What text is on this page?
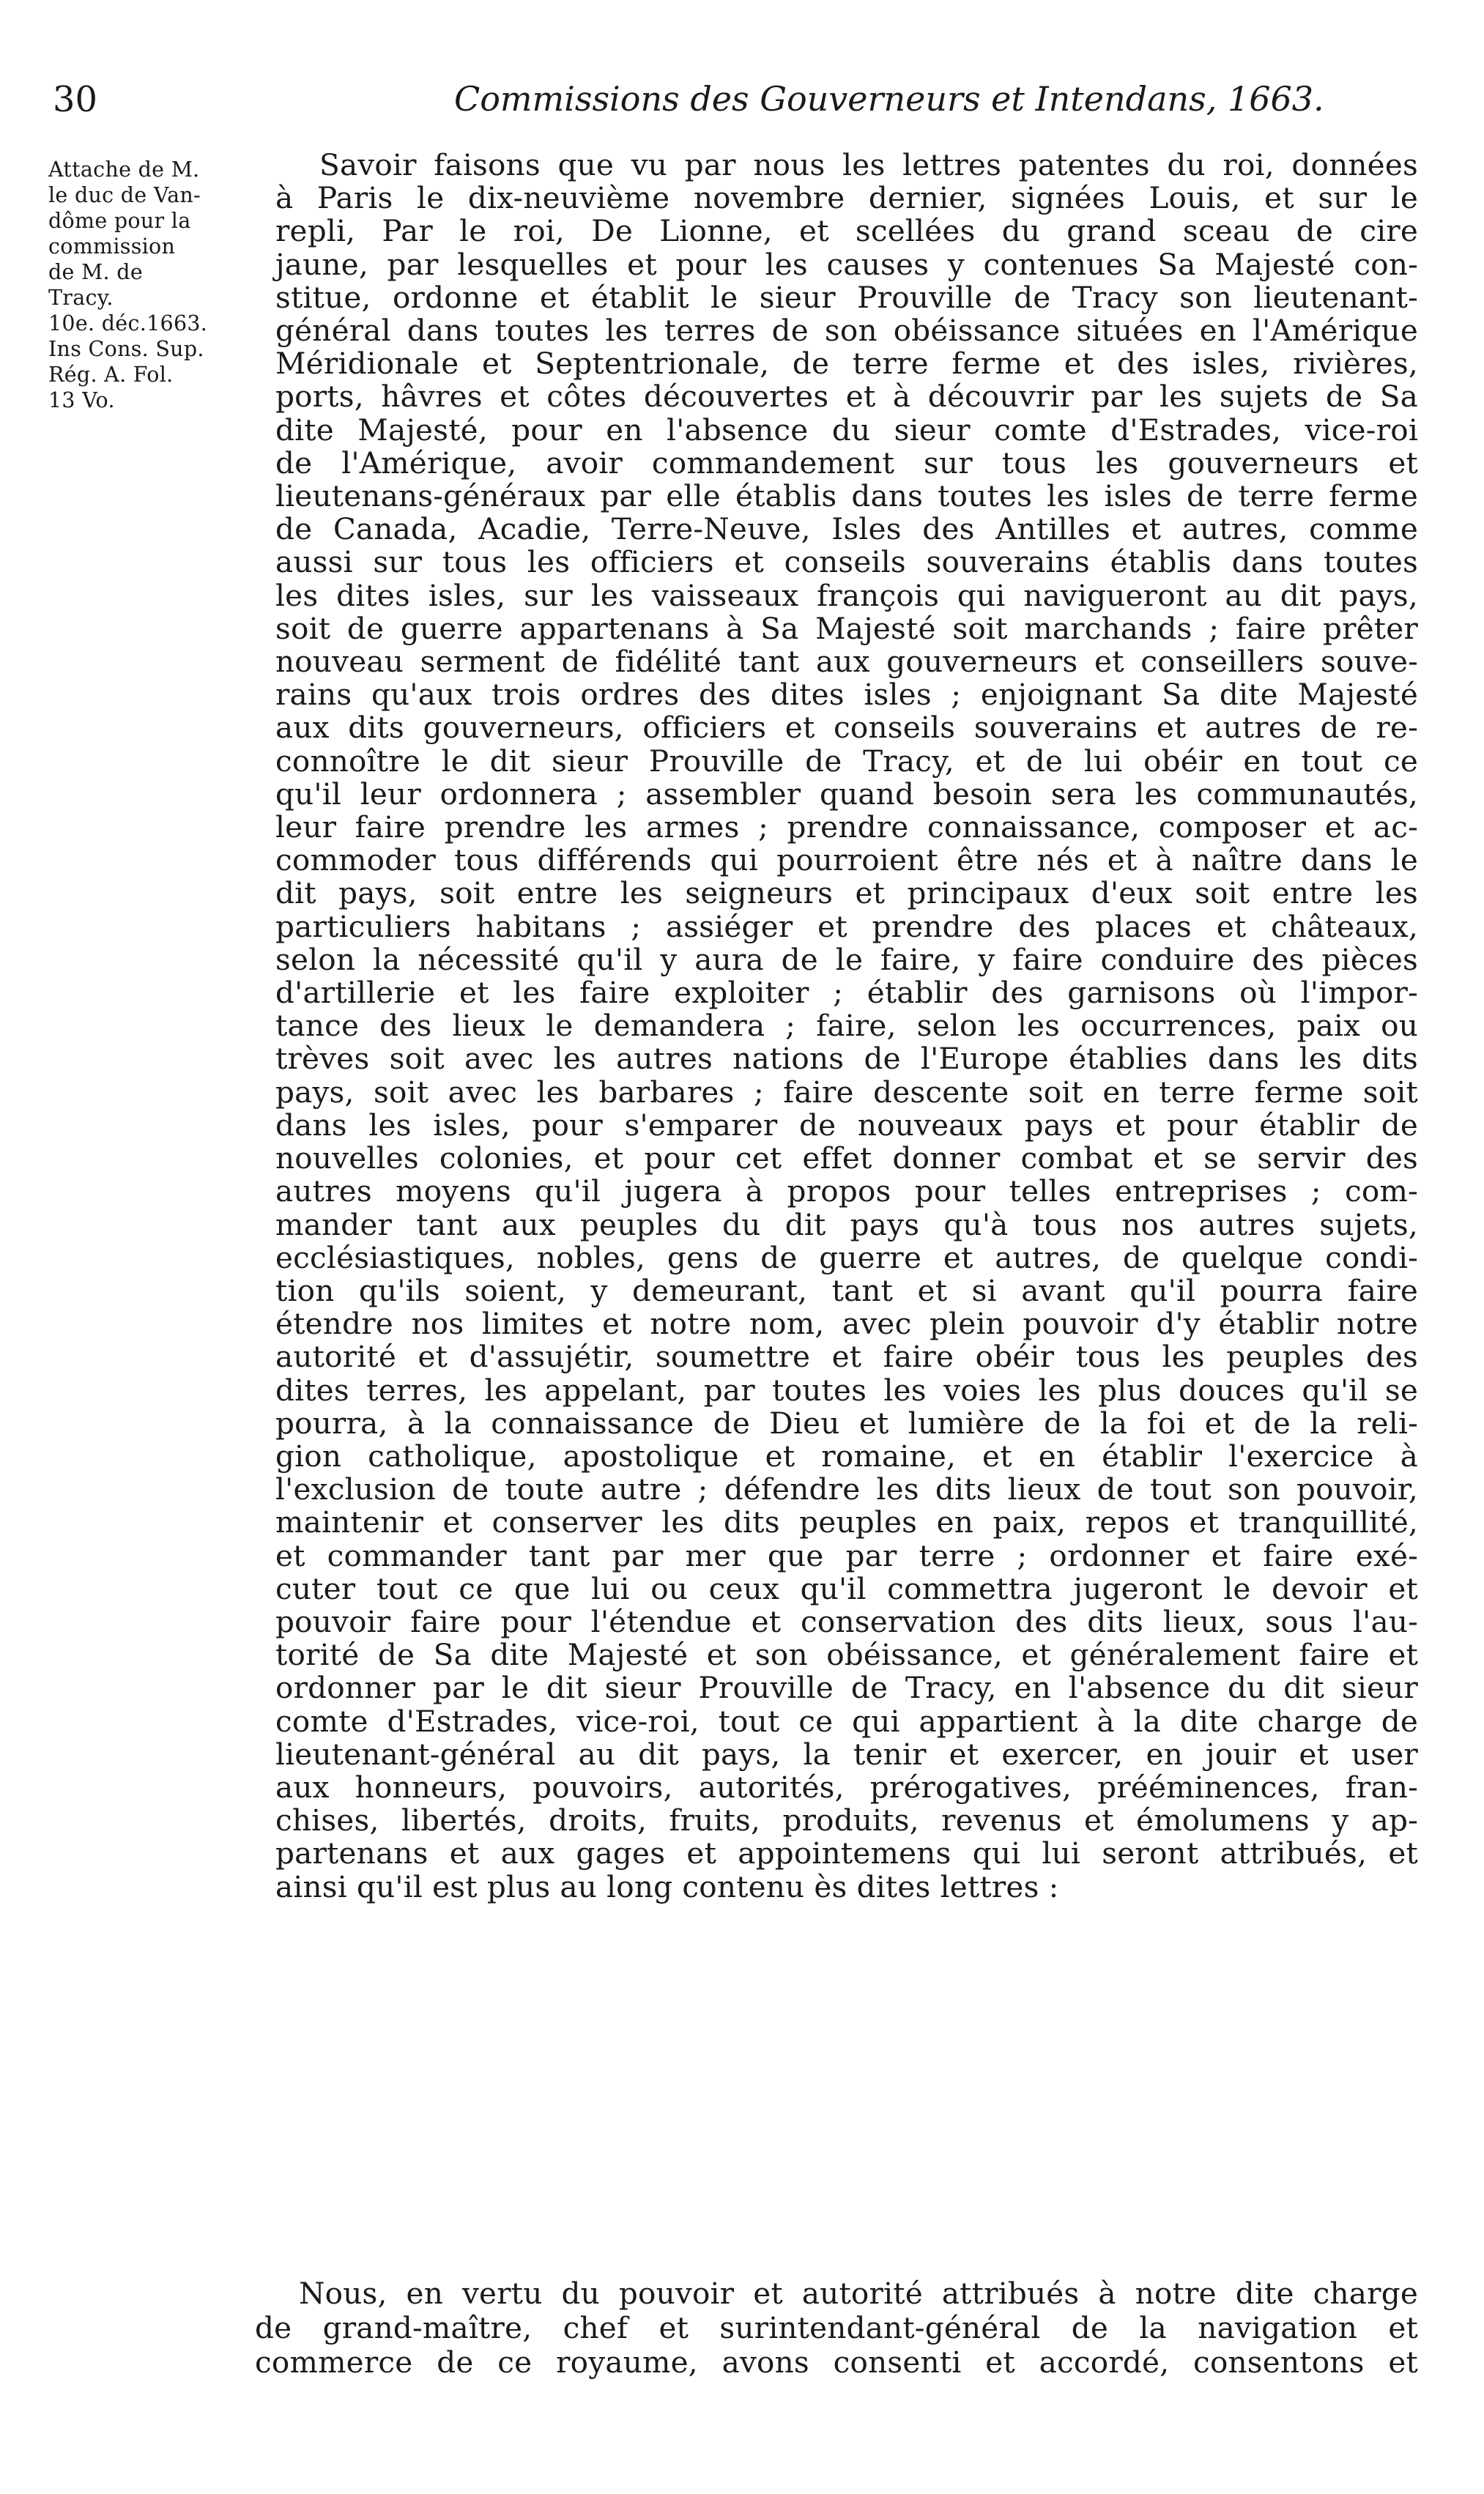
30	Commissions des Gouverneurs et Intendans, 1663.
Attache de M.
le duc de Van-
dôme pour la
commission
de M. de
Tracy.
10e. déc.1663.
Ins Cons. Sup.
Rég. A. Fol.
13 Vo.
Savoir faisons que vu par nous les lettres patentes du roi, données
à Paris le dix-neuvième novembre dernier, signées Louis, et sur le
repli, Par le roi, De Lionne, et scellées du grand sceau de cire
jaune, par lesquelles et pour les causes y contenues Sa Majesté con-
stitue, ordonne et établit le sieur Prouville de Tracy son lieutenant-
général dans toutes les terres de son obéissance situées en l'Amérique
Méridionale et Septentrionale, de terre ferme et des isles, rivières,
ports, hâvres et côtes découvertes et à découvrir par les sujets de Sa
dite Majesté, pour en l'absence du sieur comte d'Estrades, vice-roi
de l'Amérique, avoir commandement sur tous les gouverneurs et
lieutenans-généraux par elle établis dans toutes les isles de terre ferme
de Canada, Acadie, Terre-Neuve, Isles des Antilles et autres, comme
aussi sur tous les officiers et conseils souverains établis dans toutes
les dites isles, sur les vaisseaux françois qui navigueront au dit pays,
soit de guerre appartenans à Sa Majesté soit marchands ; faire prêter
nouveau serment de fidélité tant aux gouverneurs et conseillers souve-
rains qu'aux trois ordres des dites isles ; enjoignant Sa dite Majesté
aux dits gouverneurs, officiers et conseils souverains et autres de re-
connoître le dit sieur Prouville de Tracy, et de lui obéir en tout ce
qu'il leur ordonnera ; assembler quand besoin sera les communautés,
leur faire prendre les armes ; prendre connaissance, composer et ac-
commoder tous différends qui pourroient être nés et à naître dans le
dit pays, soit entre les seigneurs et principaux d'eux soit entre les
particuliers habitans ; assiéger et prendre des places et châteaux,
selon la nécessité qu'il y aura de le faire, y faire conduire des pièces
d'artillerie et les faire exploiter ; établir des garnisons où l'impor-
tance des lieux le demandera ; faire, selon les occurrences, paix ou
trèves soit avec les autres nations de l'Europe établies dans les dits
pays, soit avec les barbares ; faire descente soit en terre ferme soit
dans les isles, pour s'emparer de nouveaux pays et pour établir de
nouvelles colonies, et pour cet effet donner combat et se servir des
autres moyens qu'il jugera à propos pour telles entreprises ; com-
mander tant aux peuples du dit pays qu'à tous nos autres sujets,
ecclésiastiques, nobles, gens de guerre et autres, de quelque condi-
tion qu'ils soient, y demeurant, tant et si avant qu'il pourra faire
étendre nos limites et notre nom, avec plein pouvoir d'y établir notre
autorité et d'assujétir, soumettre et faire obéir tous les peuples des
dites terres, les appelant, par toutes les voies les plus douces qu'il se
pourra, à la connaissance de Dieu et lumière de la foi et de la reli-
gion catholique, apostolique et romaine, et en établir l'exercice à
l'exclusion de toute autre ; défendre les dits lieux de tout son pouvoir,
maintenir et conserver les dits peuples en paix, repos et tranquillité,
et commander tant par mer que par terre ; ordonner et faire exé-
cuter tout ce que lui ou ceux qu'il commettra jugeront le devoir et
pouvoir faire pour l'étendue et conservation des dits lieux, sous l'au-
torité de Sa dite Majesté et son obéissance, et généralement faire et
ordonner par le dit sieur Prouville de Tracy, en l'absence du dit sieur
comte d'Estrades, vice-roi, tout ce qui appartient à la dite charge de
lieutenant-général au dit pays, la tenir et exercer, en jouir et user
aux honneurs, pouvoirs, autorités, prérogatives, prééminences, fran-
chises, libertés, droits, fruits, produits, revenus et émolumens y ap-
partenans et aux gages et appointemens qui lui seront attribués, et
ainsi qu'il est plus au long contenu ès dites lettres :
Nous, en vertu du pouvoir et autorité attribués à notre dite charge
de grand-maître, chef et surintendant-général de la navigation et
commerce de ce royaume, avons consenti et accordé, consentons et
